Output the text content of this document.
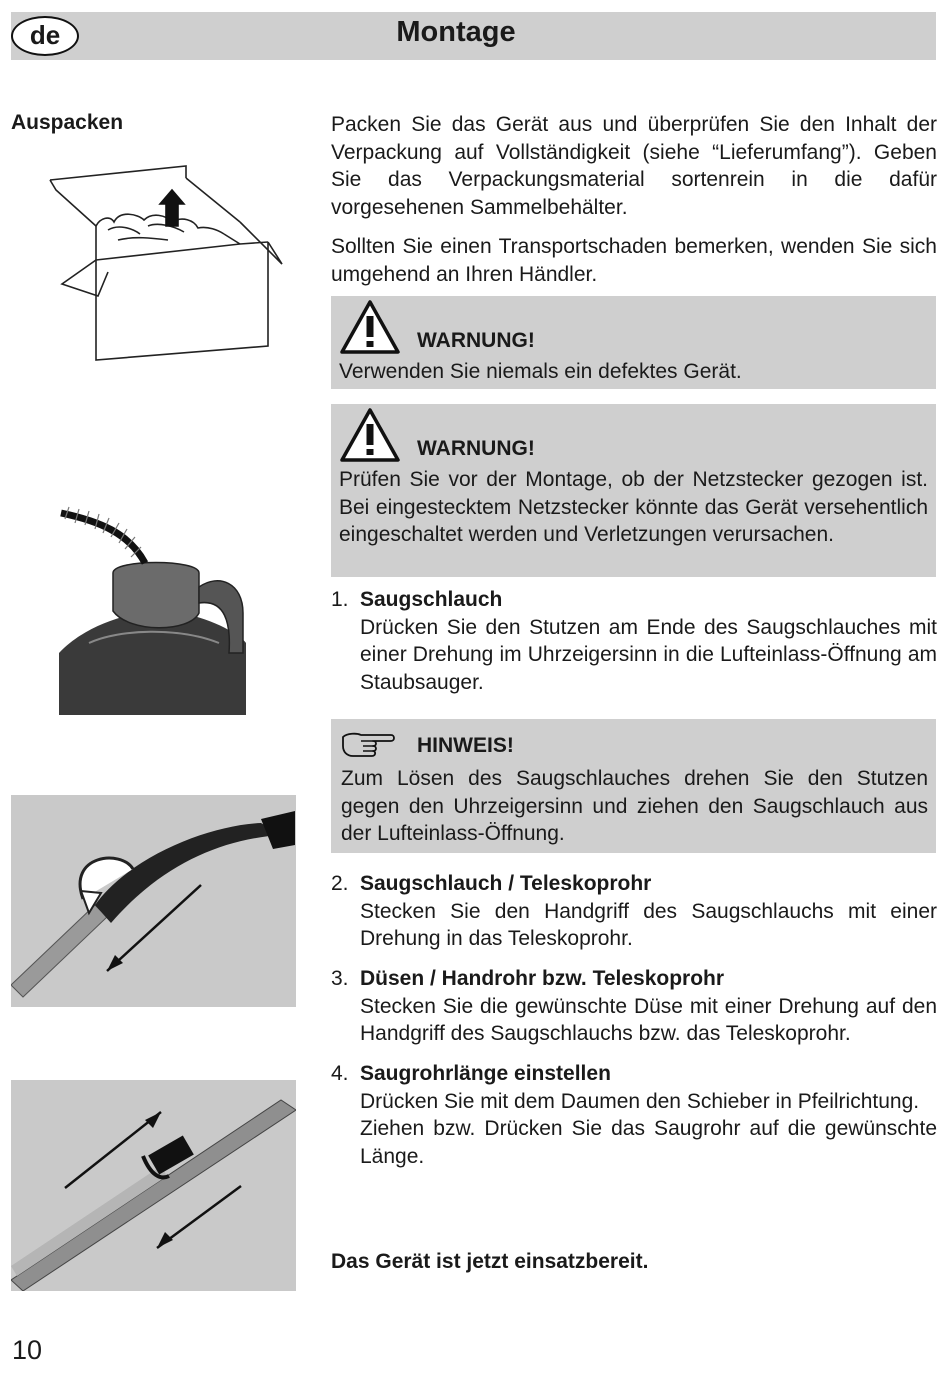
de	Montage
Auspacken	Packen Sie das Gerät aus und überprüfen Sie den Inhalt der Verpackung auf Vollständigkeit (siehe “Lieferumfang”). Geben Sie das Verpackungsmaterial sortenrein in die dafür vorgesehenen Sammelbehälter.

Sollten Sie einen Transportschaden bemerken, wenden Sie sich umgehend an Ihren Händler.

WARNUNG!
Verwenden Sie niemals ein defektes Gerät.
WARNUNG!
Prüfen Sie vor der Montage, ob der Netzstecker gezogen ist. Bei eingestecktem Netzstecker könnte das Gerät versehentlich eingeschaltet werden und Verletzungen verursachen.
1. Saugschlauch
Drücken Sie den Stutzen am Ende des Saugschlauches mit einer Drehung im Uhrzeigersinn in die Lufteinlass-Öffnung am Staubsauger.
HINWEIS!
Zum Lösen des Saugschlauches drehen Sie den Stutzen gegen den Uhrzeigersinn und ziehen den Saugschlauch aus der Lufteinlass-Öffnung.
2. Saugschlauch / Teleskoprohr
Stecken Sie den Handgriff des Saugschlauchs mit einer Drehung in das Teleskoprohr.
3. Düsen / Handrohr bzw. Teleskoprohr
Stecken Sie die gewünschte Düse mit einer Drehung auf den Handgriff des Saugschlauchs bzw. das Teleskoprohr.
4. Saugrohrlänge einstellen
Drücken Sie mit dem Daumen den Schieber in Pfeilrichtung.
Ziehen bzw. Drücken Sie das Saugrohr auf die gewünschte Länge.
Das Gerät ist jetzt einsatzbereit.
10
